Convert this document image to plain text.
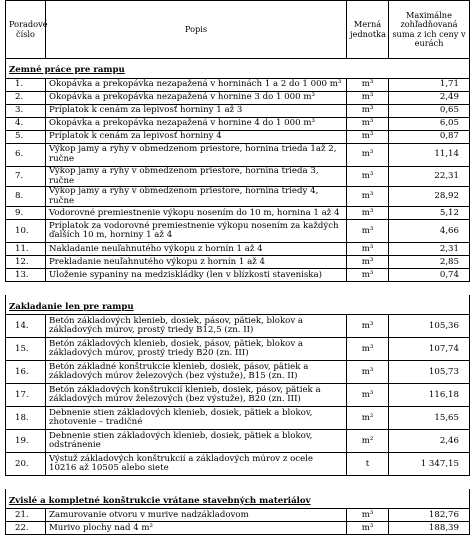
Poradové číslo	Popis	Merná jednotka	Maximálne zohľadňovaná suma z ich ceny v eurách

Zemné práce pre rampu			
1.	Okopávka a prekopávka nezapažená v horninách 1 a 2 do 1 000 m³	m³	1,71
2.	Okopávka a prekopávka nezapažená v hornine 3 do 1 000 m³	m³	2,49
3.	Príplatok k cenám za lepivosť horniny 1 až 3	m³	0,65
4.	Okopávka a prekopávka nezapažená v hornine 4 do 1 000 m³	m³	6,05
5.	Príplatok k cenám za lepivosť horniny 4	m³	0,87
6.	Výkop jamy a ryhy v obmedzenom priestore, hornina trieda 1až 2, ručne	m³	11,14
7.	Výkop jamy a ryhy v obmedzenom priestore, hornina trieda 3, ručne	m³	22,31
8.	Výkop jamy a ryhy v obmedzenom priestore, hornina triedy 4, ručne	m³	28,92
9.	Vodorovné premiestnenie výkopu nosením do 10 m, hornina 1 až 4	m³	5,12
10.	Príplatok za vodorovné premiestnenie výkopu nosením za každých ďalších 10 m, horniny 1 až 4	m³	4,66
11.	Nakladanie neuľahnutého výkopu z hornín 1 až 4	m³	2,31
12.	Prekladanie neuľahnutého výkopu z hornín 1 až 4	m³	2,85
13.	Uloženie sypaniny na medziskládky (len v blízkosti staveniska)	m³	0,74

Zakladanie len pre rampu			
14.	Betón základových klenieb, dosiek, pásov, pätiek, blokov a základových múrov, prostý triedy B12,5 (zn. II)	m³	105,36
15.	Betón základových klenieb, dosiek, pásov, pätiek, blokov a základových múrov, prostý triedy B20 (zn. III)	m³	107,74
16.	Betón základné konštrukcie klenieb, dosiek, pásov, pätiek a základových múrov železových (bez výstuže), B15 (zn. II)	m³	105,73
17.	Betón základových konštrukcií klenieb, dosiek, pásov, pätiek a základových múrov železových (bez výstuže), B20 (zn. III)	m³	116,18
18.	Debnenie stien základových klenieb, dosiek, pätiek a blokov, zhotovenie – tradičné	m²	15,65
19.	Debnenie stien základových klenieb, dosiek, pätiek a blokov, odstránenie	m²	2,46
20.	Výstuž základových konštrukcií a základových múrov z ocele 10216 až 10505 alebo siete	t	1 347,15

Zvislé a kompletné konštrukcie vrátane stavebných materiálov			
21.	Zamurovanie otvoru v murive nadzákladovom	m³	182,76
22.	Murivo plochy nad 4 m²	m³	188,39
